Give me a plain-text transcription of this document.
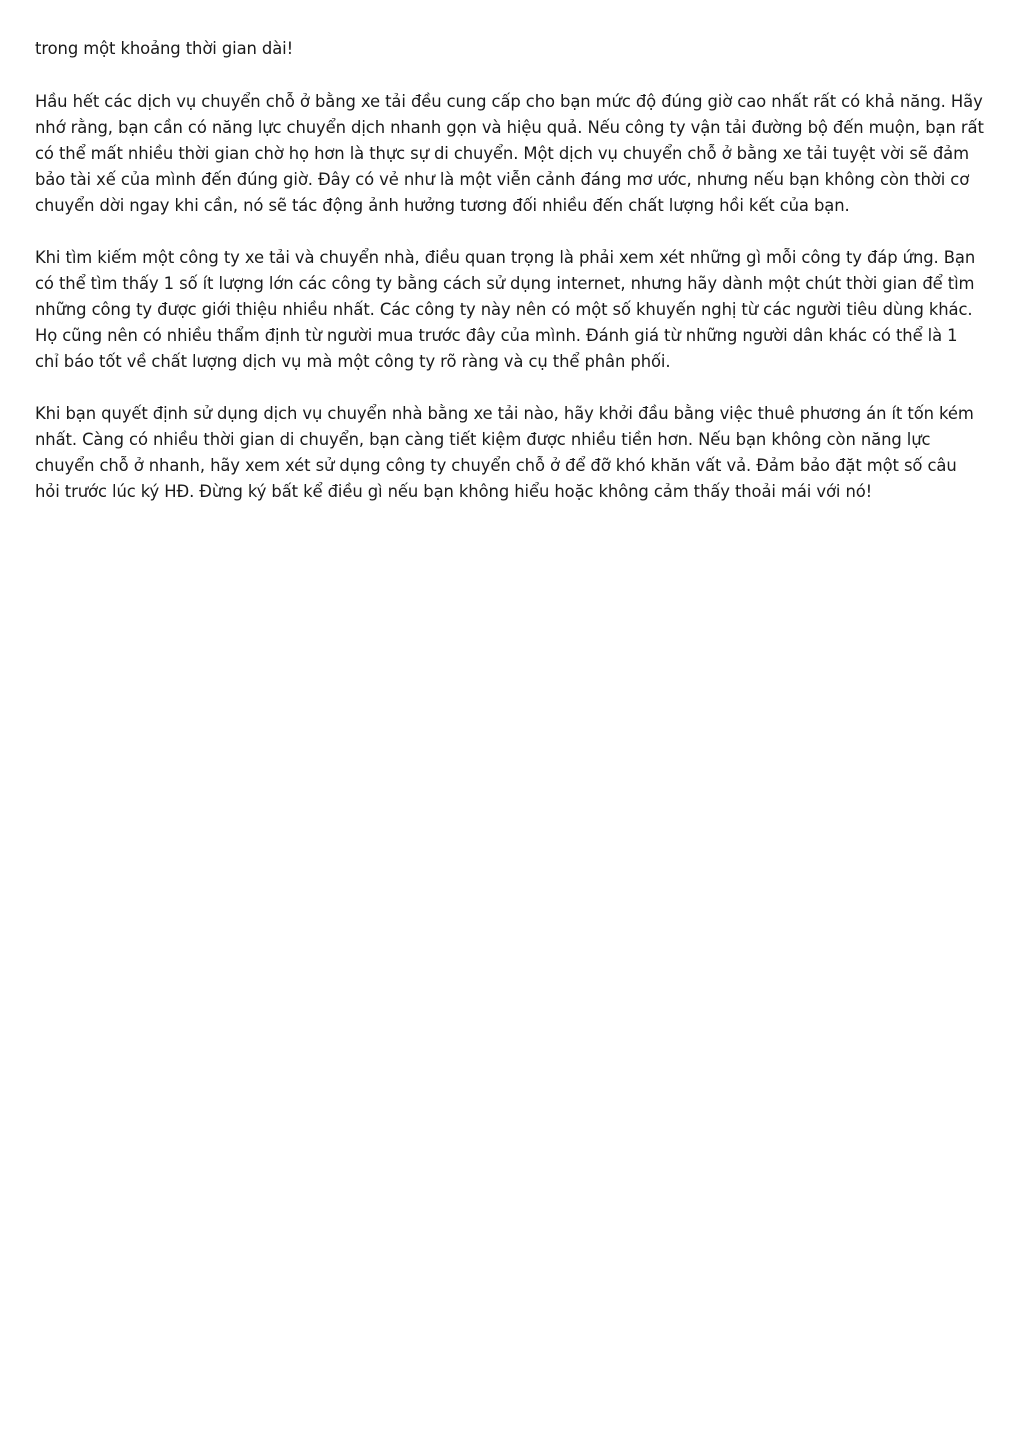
trong một khoảng thời gian dài!

Hầu hết các dịch vụ chuyển chỗ ở bằng xe tải đều cung cấp cho bạn mức độ đúng giờ cao nhất rất có khả năng. Hãy nhớ rằng, bạn cần có năng lực chuyển dịch nhanh gọn và hiệu quả. Nếu công ty vận tải đường bộ đến muộn, bạn rất có thể mất nhiều thời gian chờ họ hơn là thực sự di chuyển. Một dịch vụ chuyển chỗ ở bằng xe tải tuyệt vời sẽ đảm bảo tài xế của mình đến đúng giờ. Đây có vẻ như là một viễn cảnh đáng mơ ước, nhưng nếu bạn không còn thời cơ chuyển dời ngay khi cần, nó sẽ tác động ảnh hưởng tương đối nhiều đến chất lượng hồi kết của bạn.

Khi tìm kiếm một công ty xe tải và chuyển nhà, điều quan trọng là phải xem xét những gì mỗi công ty đáp ứng. Bạn có thể tìm thấy 1 số ít lượng lớn các công ty bằng cách sử dụng internet, nhưng hãy dành một chút thời gian để tìm những công ty được giới thiệu nhiều nhất. Các công ty này nên có một số khuyến nghị từ các người tiêu dùng khác. Họ cũng nên có nhiều thẩm định từ người mua trước đây của mình. Đánh giá từ những người dân khác có thể là 1 chỉ báo tốt về chất lượng dịch vụ mà một công ty rõ ràng và cụ thể phân phối.

Khi bạn quyết định sử dụng dịch vụ chuyển nhà bằng xe tải nào, hãy khởi đầu bằng việc thuê phương án ít tốn kém nhất. Càng có nhiều thời gian di chuyển, bạn càng tiết kiệm được nhiều tiền hơn. Nếu bạn không còn năng lực chuyển chỗ ở nhanh, hãy xem xét sử dụng công ty chuyển chỗ ở để đỡ khó khăn vất vả. Đảm bảo đặt một số câu hỏi trước lúc ký HĐ. Đừng ký bất kể điều gì nếu bạn không hiểu hoặc không cảm thấy thoải mái với nó!
